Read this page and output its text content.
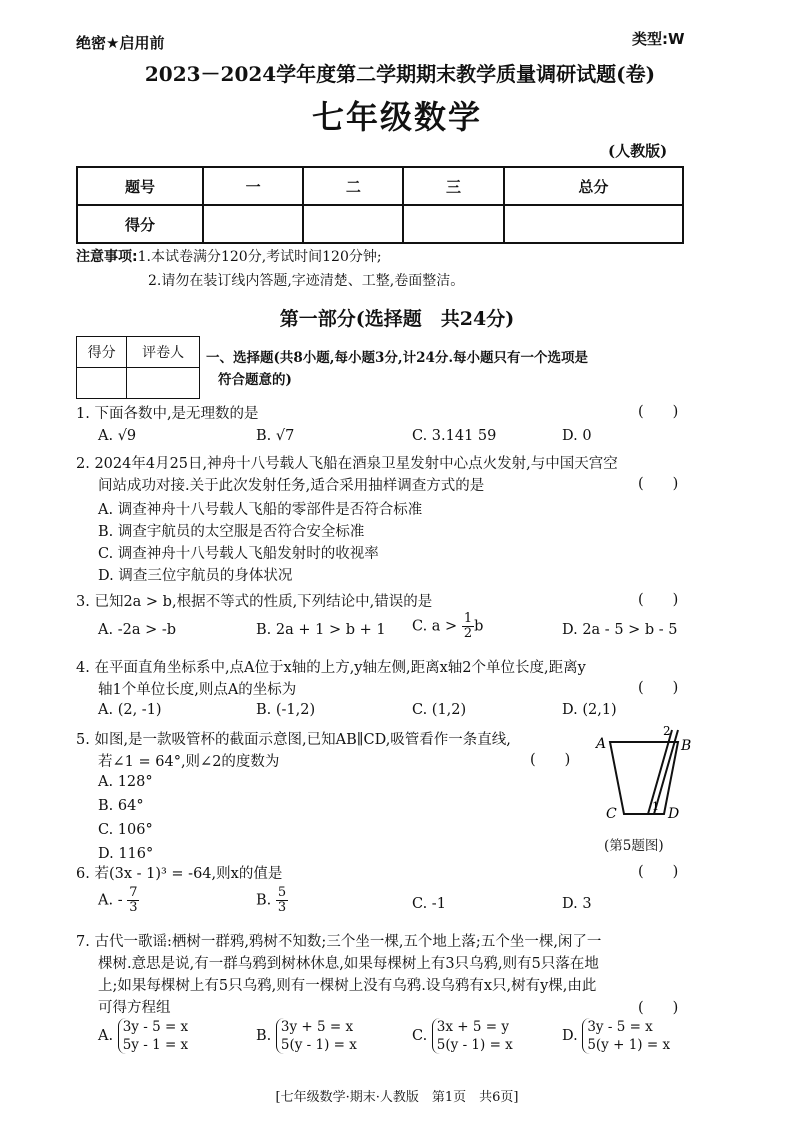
绝密★启用前	类型:W
2023－2024学年度第二学期期末教学质量调研试题(卷)
七年级数学
(人教版)
题号	一	二	三	总分
得分				
注意事项:1.本试卷满分120分,考试时间120分钟;
2.请勿在装订线内答题,字迹清楚、工整,卷面整洁。
第一部分(选择题　共24分)
得分	评卷人
	一、选择题(共8小题,每小题3分,计24分.每小题只有一个选项是
符合题意的)
1. 下面各数中,是无理数的是	(　　)
A. √9	B. √7	C. 3.141 59	D. 0
2. 2024年4月25日,神舟十八号载人飞船在酒泉卫星发射中心点火发射,与中国天宫空
间站成功对接.关于此次发射任务,适合采用抽样调查方式的是	(　　)
A. 调查神舟十八号载人飞船的零部件是否符合标准
B. 调查宇航员的太空服是否符合安全标准
C. 调查神舟十八号载人飞船发射时的收视率
D. 调查三位宇航员的身体状况
3. 已知2a > b,根据不等式的性质,下列结论中,错误的是	(　　)
A. -2a > -b	B. 2a + 1 > b + 1 C. $a > \frac{1}{2}$ b	D. 2a - 5 > b - 5
4. 在平面直角坐标系中,点A位于x轴的上方,y轴左侧,距离x轴2个单位长度,距离y
轴1个单位长度,则点A的坐标为	(　　)
A. (2, -1)	B. (-1,2)	C. (1,2)	D. (2,1)
5. 如图,是一款吸管杯的截面示意图,已知AB∥CD,吸管看作一条直线,
若∠1 = 64°,则∠2的度数为	(　　)
A. 128°
B. 64°
C. 106°
D. 116°
A	B
C	D
1
2
(第5题图)
6. 若(3x - 1)³ = -64,则x的值是	(　　)
A. - $\frac{7}{3}$	B. $\frac{5}{3}$	C. -1	D. 3
7. 古代一歌谣:栖树一群鸦,鸦树不知数;三个坐一棵,五个地上落;五个坐一棵,闲了一
棵树.意思是说,有一群乌鸦到树林休息,如果每棵树上有3只乌鸦,则有5只落在地
上;如果每棵树上有5只乌鸦,则有一棵树上没有乌鸦.设乌鸦有x只,树有y棵,由此
可得方程组	(　　)
A.
3y - 5 = x
5y - 1 = x
B.
3y + 5 = x
5(y - 1) = x
C.
3x + 5 = y
5(y - 1) = x
D.
3y - 5 = x
5(y + 1) = x
[七年级数学·期末·人教版　第1页　共6页]
